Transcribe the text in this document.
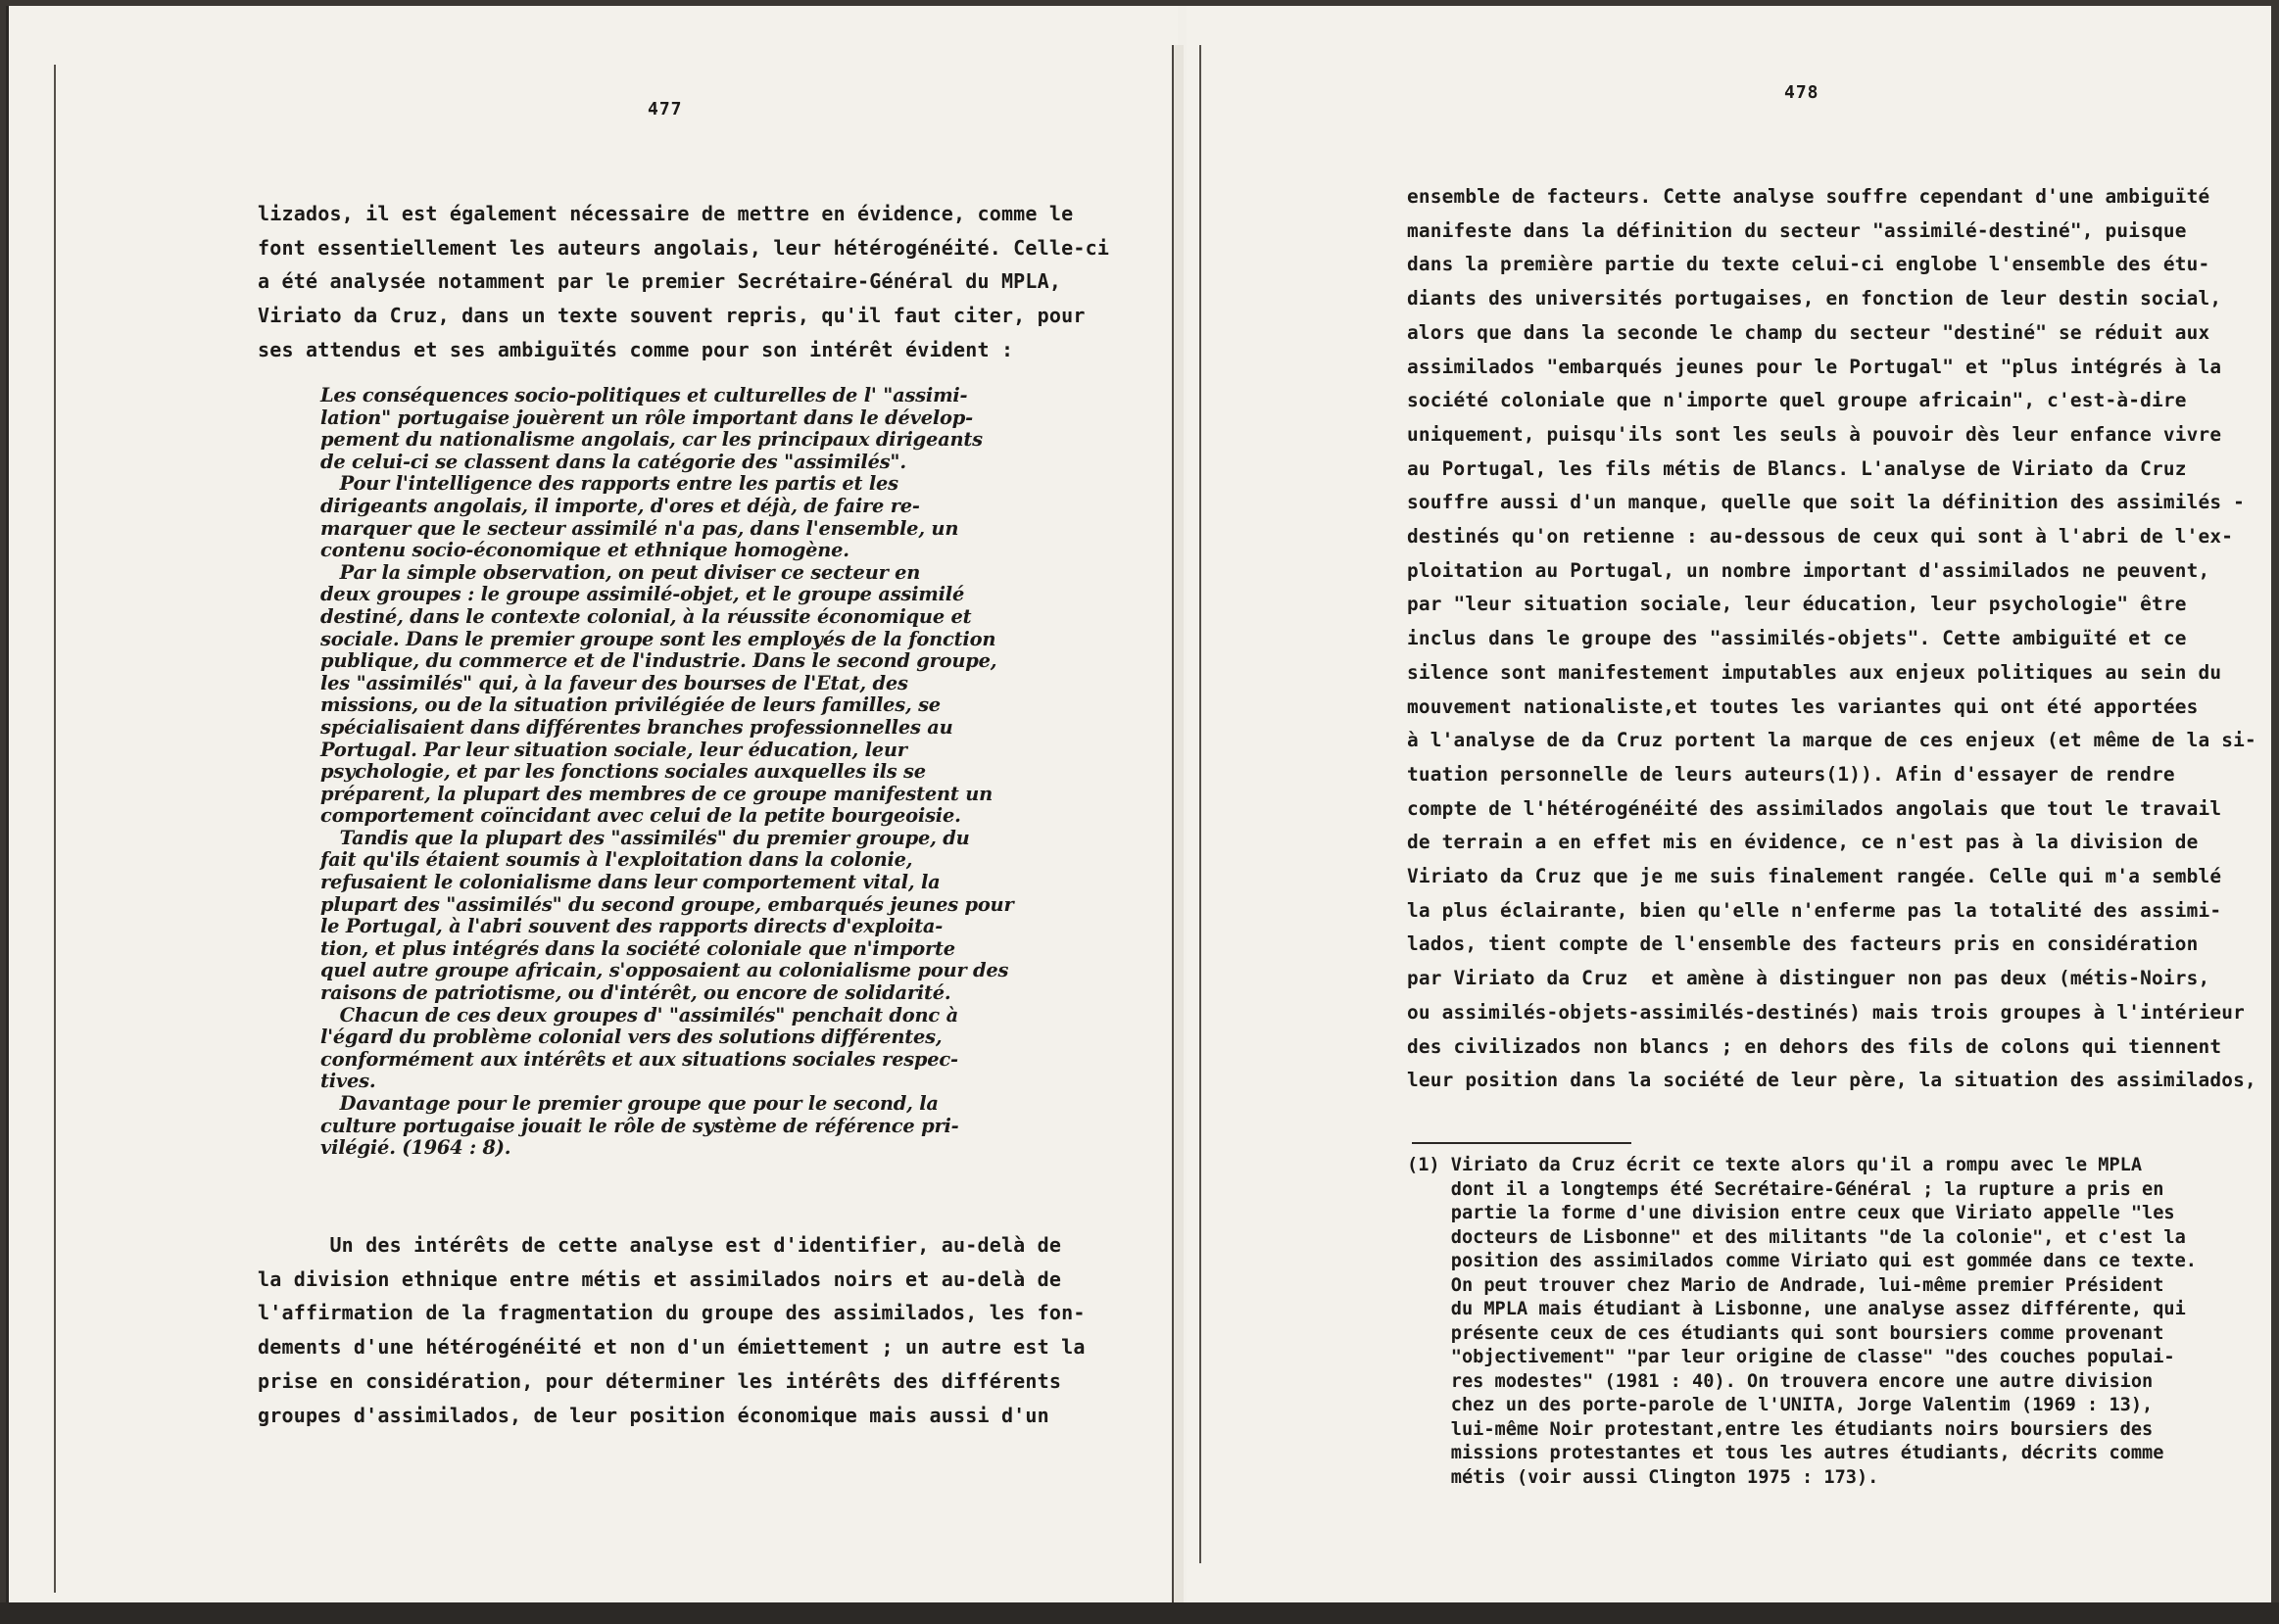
477
lizados, il est également nécessaire de mettre en évidence, comme le
font essentiellement les auteurs angolais, leur hétérogénéité. Celle-ci
a été analysée notamment par le premier Secrétaire-Général du MPLA,
Viriato da Cruz, dans un texte souvent repris, qu'il faut citer, pour
ses attendus et ses ambiguïtés comme pour son intérêt évident :
Les conséquences socio-politiques et culturelles de l' "assimi-
lation" portugaise jouèrent un rôle important dans le dévelop-
pement du nationalisme angolais, car les principaux dirigeants
de celui-ci se classent dans la catégorie des "assimilés".
Pour l'intelligence des rapports entre les partis et les
dirigeants angolais, il importe, d'ores et déjà, de faire re-
marquer que le secteur assimilé n'a pas, dans l'ensemble, un
contenu socio-économique et ethnique homogène.
Par la simple observation, on peut diviser ce secteur en
deux groupes : le groupe assimilé-objet, et le groupe assimilé
destiné, dans le contexte colonial, à la réussite économique et
sociale. Dans le premier groupe sont les employés de la fonction
publique, du commerce et de l'industrie. Dans le second groupe,
les "assimilés" qui, à la faveur des bourses de l'Etat, des
missions, ou de la situation privilégiée de leurs familles, se
spécialisaient dans différentes branches professionnelles au
Portugal. Par leur situation sociale, leur éducation, leur
psychologie, et par les fonctions sociales auxquelles ils se
préparent, la plupart des membres de ce groupe manifestent un
comportement coïncidant avec celui de la petite bourgeoisie.
Tandis que la plupart des "assimilés" du premier groupe, du
fait qu'ils étaient soumis à l'exploitation dans la colonie,
refusaient le colonialisme dans leur comportement vital, la
plupart des "assimilés" du second groupe, embarqués jeunes pour
le Portugal, à l'abri souvent des rapports directs d'exploita-
tion, et plus intégrés dans la société coloniale que n'importe
quel autre groupe africain, s'opposaient au colonialisme pour des
raisons de patriotisme, ou d'intérêt, ou encore de solidarité.
Chacun de ces deux groupes d' "assimilés" penchait donc à
l'égard du problème colonial vers des solutions différentes,
conformément aux intérêts et aux situations sociales respec-
tives.
Davantage pour le premier groupe que pour le second, la
culture portugaise jouait le rôle de système de référence pri-
vilégié. (1964 : 8).
Un des intérêts de cette analyse est d'identifier, au-delà de
la division ethnique entre métis et assimilados noirs et au-delà de
l'affirmation de la fragmentation du groupe des assimilados, les fon-
dements d'une hétérogénéité et non d'un émiettement ; un autre est la
prise en considération, pour déterminer les intérêts des différents
groupes d'assimilados, de leur position économique mais aussi d'un
478
ensemble de facteurs. Cette analyse souffre cependant d'une ambiguïté
manifeste dans la définition du secteur "assimilé-destiné", puisque
dans la première partie du texte celui-ci englobe l'ensemble des étu-
diants des universités portugaises, en fonction de leur destin social,
alors que dans la seconde le champ du secteur "destiné" se réduit aux
assimilados "embarqués jeunes pour le Portugal" et "plus intégrés à la
société coloniale que n'importe quel groupe africain", c'est-à-dire
uniquement, puisqu'ils sont les seuls à pouvoir dès leur enfance vivre
au Portugal, les fils métis de Blancs. L'analyse de Viriato da Cruz
souffre aussi d'un manque, quelle que soit la définition des assimilés -
destinés qu'on retienne : au-dessous de ceux qui sont à l'abri de l'ex-
ploitation au Portugal, un nombre important d'assimilados ne peuvent,
par "leur situation sociale, leur éducation, leur psychologie" être
inclus dans le groupe des "assimilés-objets". Cette ambiguïté et ce
silence sont manifestement imputables aux enjeux politiques au sein du
mouvement nationaliste,et toutes les variantes qui ont été apportées
à l'analyse de da Cruz portent la marque de ces enjeux (et même de la si-
tuation personnelle de leurs auteurs(1)). Afin d'essayer de rendre
compte de l'hétérogénéité des assimilados angolais que tout le travail
de terrain a en effet mis en évidence, ce n'est pas à la division de
Viriato da Cruz que je me suis finalement rangée. Celle qui m'a semblé
la plus éclairante, bien qu'elle n'enferme pas la totalité des assimi-
lados, tient compte de l'ensemble des facteurs pris en considération
par Viriato da Cruz  et amène à distinguer non pas deux (métis-Noirs,
ou assimilés-objets-assimilés-destinés) mais trois groupes à l'intérieur
des civilizados non blancs ; en dehors des fils de colons qui tiennent
leur position dans la société de leur père, la situation des assimilados,
(1) Viriato da Cruz écrit ce texte alors qu'il a rompu avec le MPLA
dont il a longtemps été Secrétaire-Général ; la rupture a pris en
partie la forme d'une division entre ceux que Viriato appelle "les
docteurs de Lisbonne" et des militants "de la colonie", et c'est la
position des assimilados comme Viriato qui est gommée dans ce texte.
On peut trouver chez Mario de Andrade, lui-même premier Président
du MPLA mais étudiant à Lisbonne, une analyse assez différente, qui
présente ceux de ces étudiants qui sont boursiers comme provenant
"objectivement" "par leur origine de classe" "des couches populai-
res modestes" (1981 : 40). On trouvera encore une autre division
chez un des porte-parole de l'UNITA, Jorge Valentim (1969 : 13),
lui-même Noir protestant,entre les étudiants noirs boursiers des
missions protestantes et tous les autres étudiants, décrits comme
métis (voir aussi Clington 1975 : 173).
